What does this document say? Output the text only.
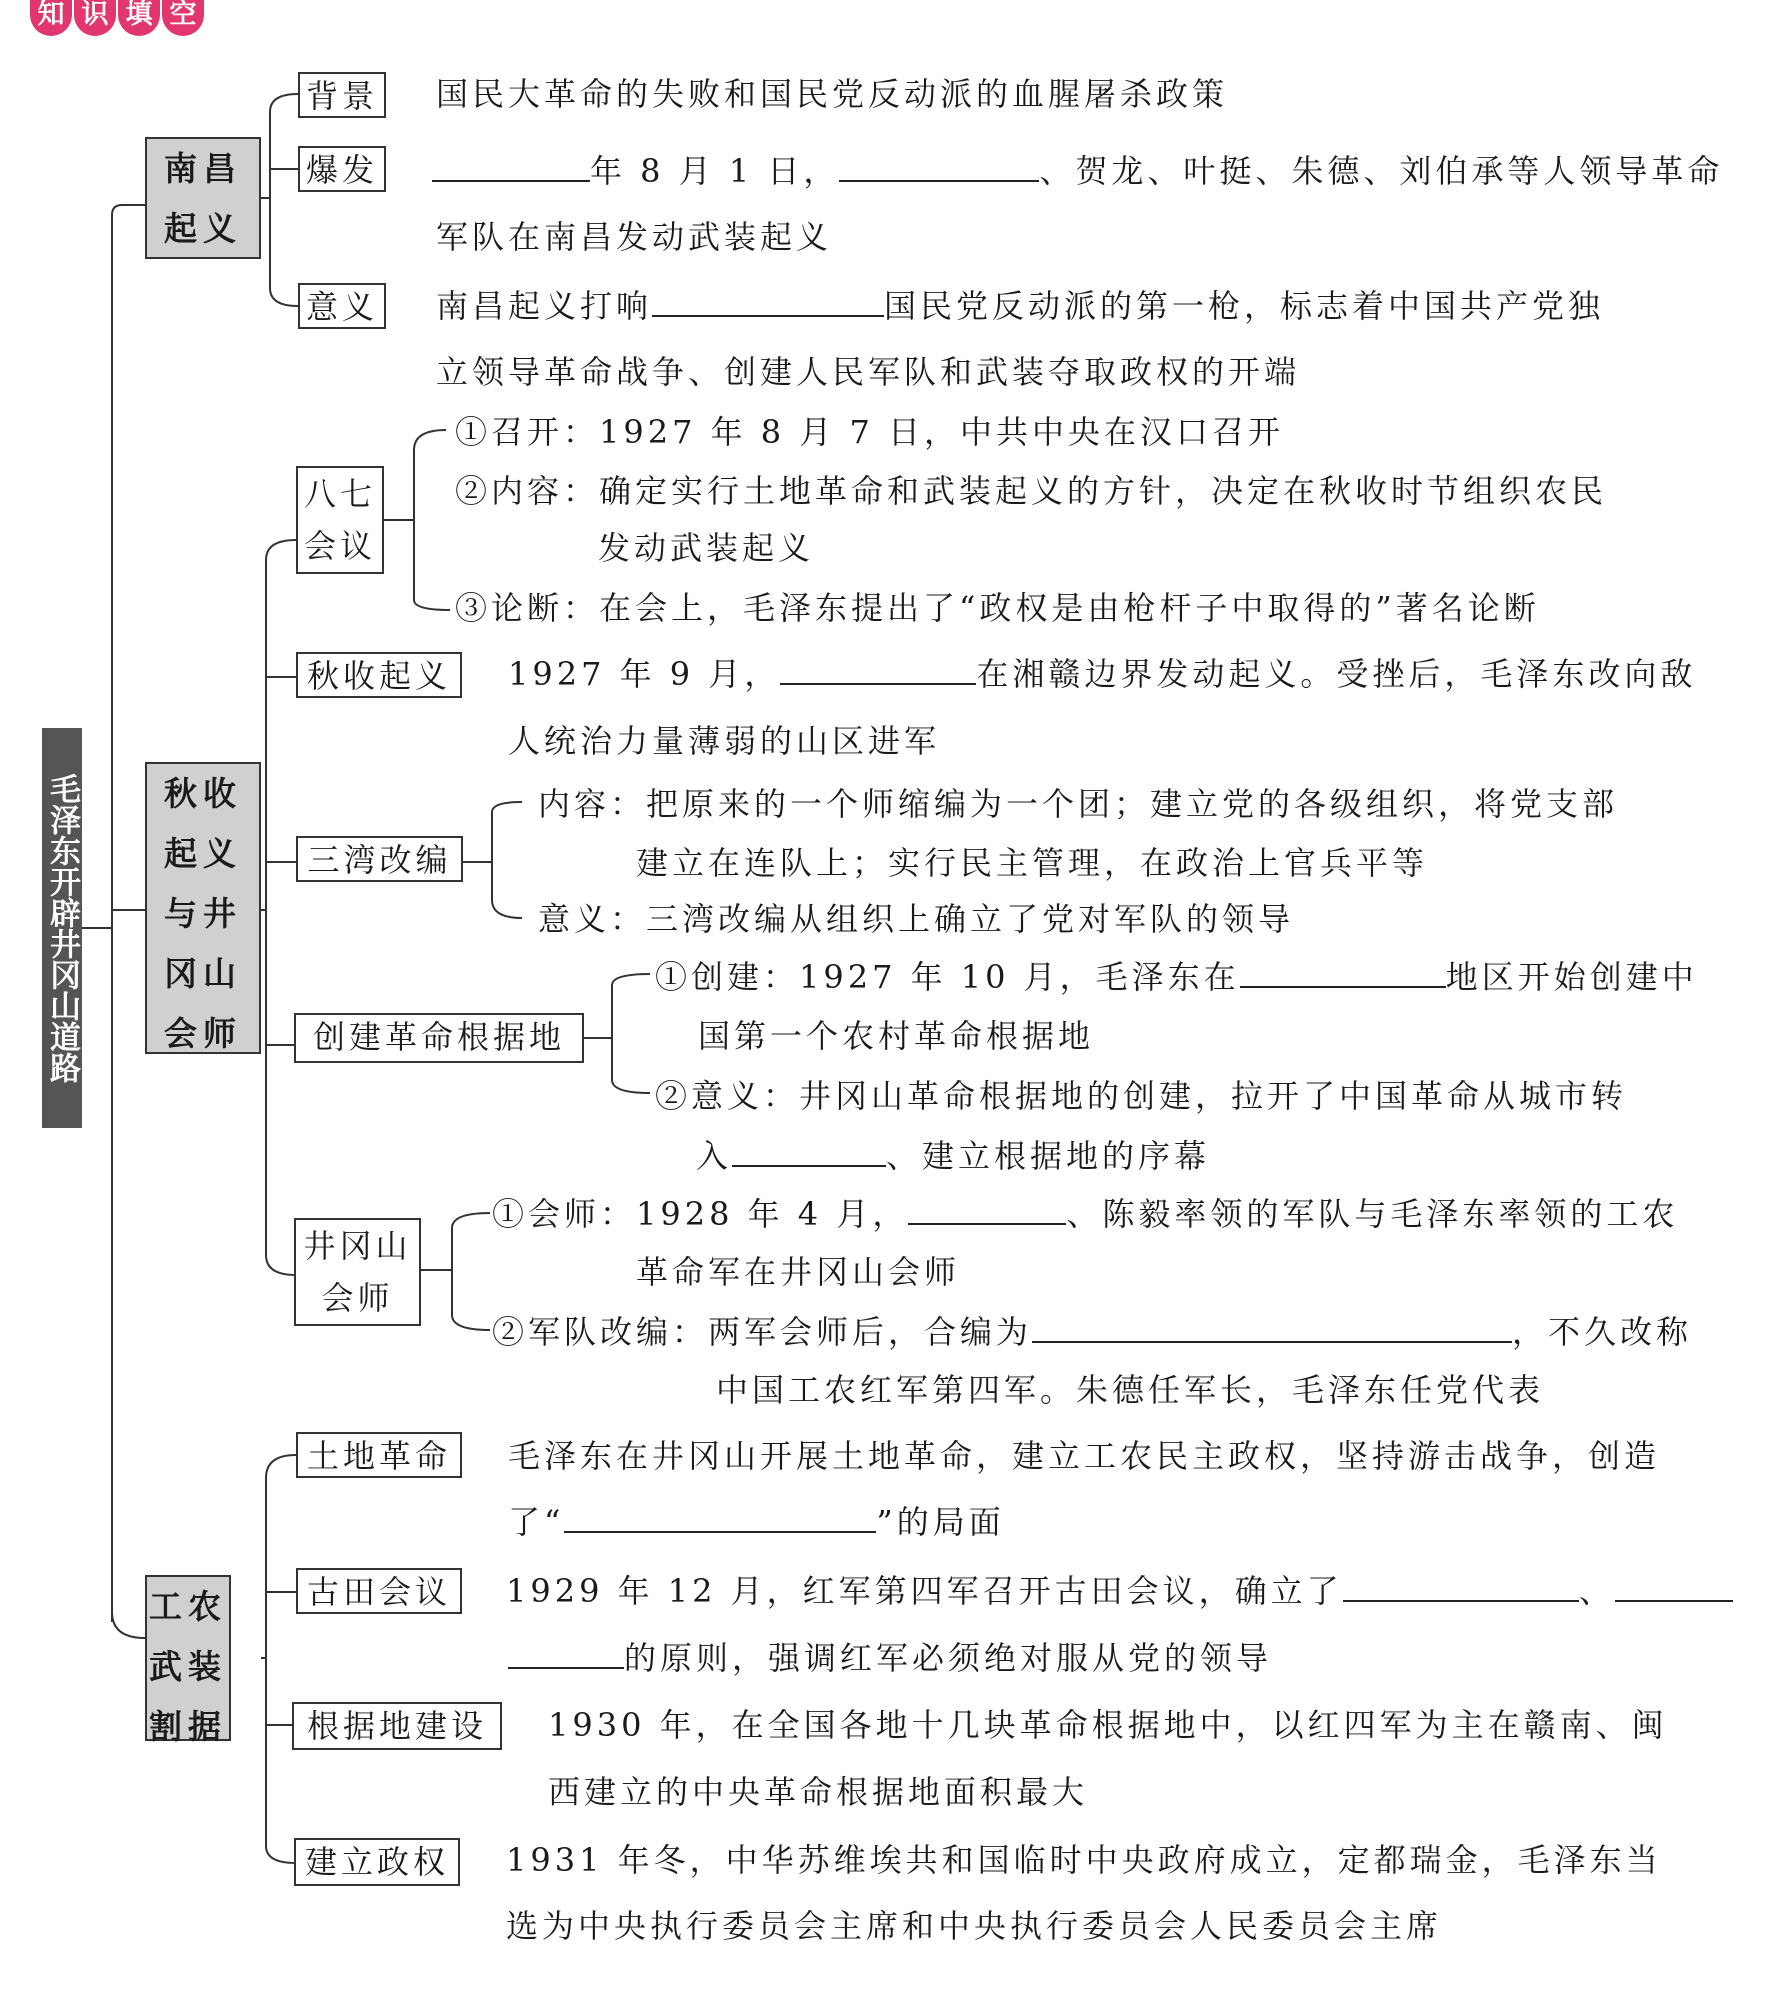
知 识 填 空
毛泽东开辟井冈山道路
南昌起义
秋收起义与井冈山会师
工农武装割据
背景 国民大革命的失败和国民党反动派的血腥屠杀政策
爆发	年 8 月 1 日，	、贺龙、叶挺、朱德、刘伯承等人领导革命
军队在南昌发动武装起义
意义 南昌起义打响	国民党反动派的第一枪，标志着中国共产党独
立领导革命战争、创建人民军队和武装夺取政权的开端
八七会议
①召开：1927 年 8 月 7 日，中共中央在汉口召开
②内容：确定实行土地革命和武装起义的方针，决定在秋收时节组织农民
发动武装起义
③论断：在会上，毛泽东提出了“政权是由枪杆子中取得的”著名论断
秋收起义	1927 年 9 月，	在湘赣边界发动起义。受挫后，毛泽东改向敌
人统治力量薄弱的山区进军
三湾改编
内容：把原来的一个师缩编为一个团；建立党的各级组织，将党支部
建立在连队上；实行民主管理，在政治上官兵平等
意义：三湾改编从组织上确立了党对军队的领导
创建革命根据地
①创建：1927 年 10 月，毛泽东在	地区开始创建中
国第一个农村革命根据地
②意义：井冈山革命根据地的创建，拉开了中国革命从城市转
入	、建立根据地的序幕
井冈山会师
①会师：1928 年 4 月，	、陈毅率领的军队与毛泽东率领的工农
革命军在井冈山会师
②军队改编：两军会师后，合编为	，不久改称
中国工农红军第四军。朱德任军长，毛泽东任党代表
土地革命	毛泽东在井冈山开展土地革命，建立工农民主政权，坚持游击战争，创造
了“	”的局面
古田会议	1929 年 12 月，红军第四军召开古田会议，确立了	、
的原则，强调红军必须绝对服从党的领导
根据地建设	1930 年，在全国各地十几块革命根据地中，以红四军为主在赣南、闽
西建立的中央革命根据地面积最大
建立政权	1931 年冬，中华苏维埃共和国临时中央政府成立，定都瑞金，毛泽东当
选为中央执行委员会主席和中央执行委员会人民委员会主席
